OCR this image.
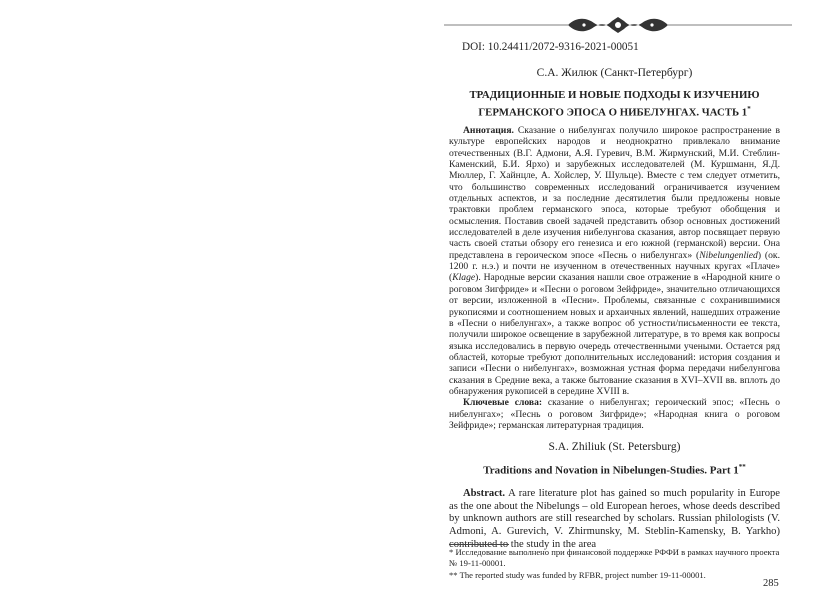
DOI: 10.24411/2072-9316-2021-00051
С.А. Жилюк (Санкт-Петербург)
ТРАДИЦИОННЫЕ И НОВЫЕ ПОДХОДЫ К ИЗУЧЕНИЮ
ГЕРМАНСКОГО ЭПОСА О НИБЕЛУНГАХ. ЧАСТЬ 1*

Аннотация. Сказание о нибелунгах получило широкое распространение в культуре европейских народов и неоднократно привлекало внимание отечественных (В.Г. Адмони, А.Я. Гуревич, В.М. Жирмунский, М.И. Стеблин-Каменский, Б.И. Ярхо) и зарубежных исследователей (М. Куршманн, Я.Д. Мюллер, Г. Хайнцле, А. Хойслер, У. Шульце). Вместе с тем следует отметить, что большинство современных исследований ограничивается изучением отдельных аспектов, и за последние десятилетия были предложены новые трактовки проблем германского эпоса, которые требуют обобщения и осмысления. Поставив своей задачей представить обзор основных достижений исследователей в деле изучения нибелунгова сказания, автор посвящает первую часть своей статьи обзору его генезиса и его южной (германской) версии. Она представлена в героическом эпосе «Песнь о нибелунгах» (Nibelungenlied) (ок. 1200 г. н.э.) и почти не изученном в отечественных научных кругах «Плаче» (Klage). Народные версии сказания нашли свое отражение в «Народной книге о роговом Зигфриде» и «Песни о роговом Зейфриде», значительно отличающихся от версии, изложенной в «Песни». Проблемы, связанные с сохранившимися рукописями и соотношением новых и архаичных явлений, нашедших отражение в «Песни о нибелунгах», а также вопрос об устности/письменности ее текста, получили широкое освещение в зарубежной литературе, в то время как вопросы языка исследовались в первую очередь отечественными учеными. Остается ряд областей, которые требуют дополнительных исследований: история создания и записи «Песни о нибелунгах», возможная устная форма передачи нибелунгова сказания в Средние века, а также бытование сказания в XVI–XVII вв. вплоть до обнаружения рукописей в середине XVIII в.

Ключевые слова: сказание о нибелунгах; героический эпос; «Песнь о нибелунгах»; «Песнь о роговом Зигфриде»; «Народная книга о роговом Зейфриде»; германская литературная традиция.

S.A. Zhiliuk (St. Petersburg)
Traditions and Novation in Nibelungen-Studies. Part 1**

Abstract. A rare literature plot has gained so much popularity in Europe as the one about the Nibelungs – old European heroes, whose deeds described by unknown authors are still researched by scholars. Russian philologists (V. Admoni, A. Gurevich, V. Zhirmunsky, M. Steblin-Kamensky, B. Yarkho) contributed to the study in the area

* Исследование выполнено при финансовой поддержке РФФИ в рамках научного проекта № 19-11-00001.
** The reported study was funded by RFBR, project number 19-11-00001.
285
